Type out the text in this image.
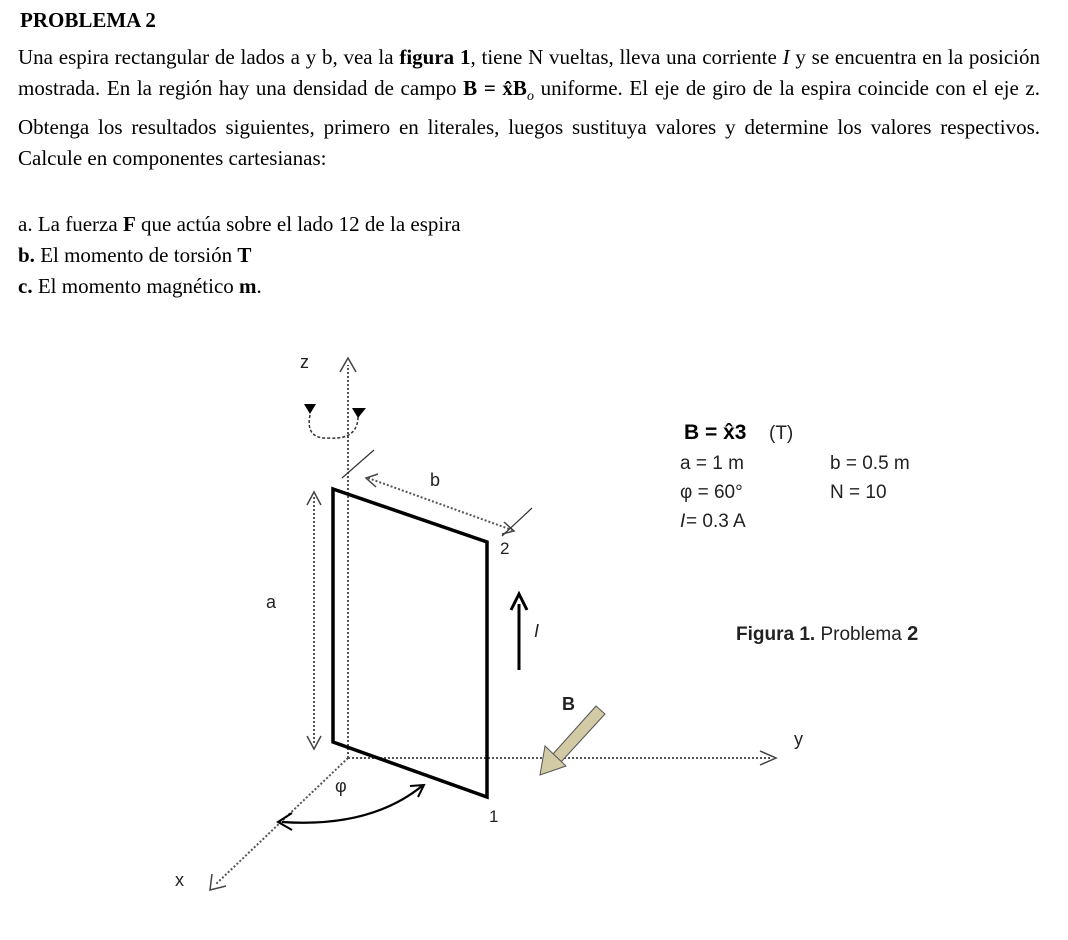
PROBLEMA 2
Una espira rectangular de lados a y b, vea la figura 1, tiene N vueltas, lleva una corriente I y se encuentra en la posición mostrada. En la región hay una densidad de campo $B = x̂B_o$ uniforme. El eje de giro de la espira coincide con el eje z. Obtenga los resultados siguientes, primero en literales, luegos sustituya valores y determine los valores respectivos. Calcule en componentes cartesianas:
a. La fuerza F que actúa sobre el lado 12 de la espira
b. El momento de torsión T
c. El momento magnético m.
z
y
x
a
b
2
1
I
B
φ
B = x̂3 (T)
a = 1 m	b = 0.5 m
φ = 60°	N = 10
I = 0.3 A
Figura 1. Problema 2
